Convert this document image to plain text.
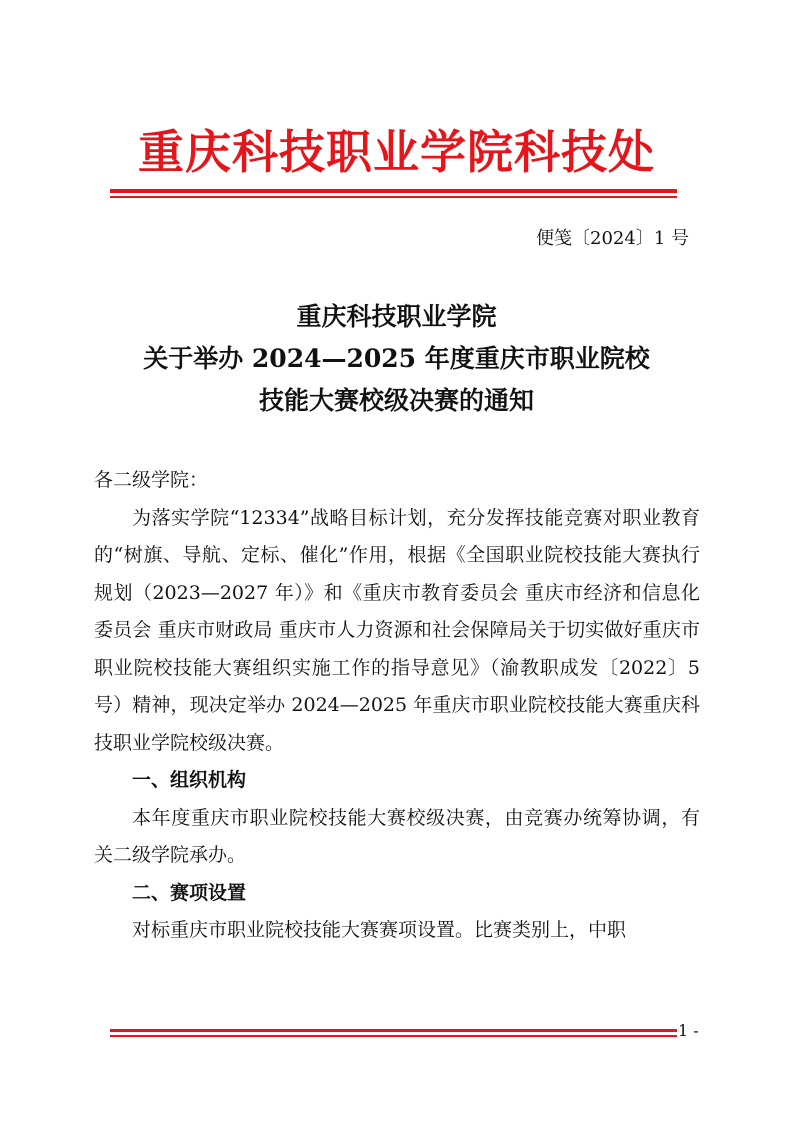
重庆科技职业学院科技处
便笺〔2024〕1 号
重庆科技职业学院
关于举办 2024—2025 年度重庆市职业院校
技能大赛校级决赛的通知

各二级学院：

为落实学院“12334”战略目标计划，充分发挥技能竞赛对职业教育的“树旗、导航、定标、催化”作用，根据《全国职业院校技能大赛执行规划（2023—2027 年）》和《重庆市教育委员会 重庆市经济和信息化委员会 重庆市财政局 重庆市人力资源和社会保障局关于切实做好重庆市职业院校技能大赛组织实施工作的指导意见》（渝教职成发〔2022〕5 号）精神，现决定举办 2024—2025 年重庆市职业院校技能大赛重庆科技职业学院校级决赛。

一、组织机构

本年度重庆市职业院校技能大赛校级决赛，由竞赛办统筹协调，有关二级学院承办。

二、赛项设置

对标重庆市职业院校技能大赛赛项设置。比赛类别上，中职

1 -
